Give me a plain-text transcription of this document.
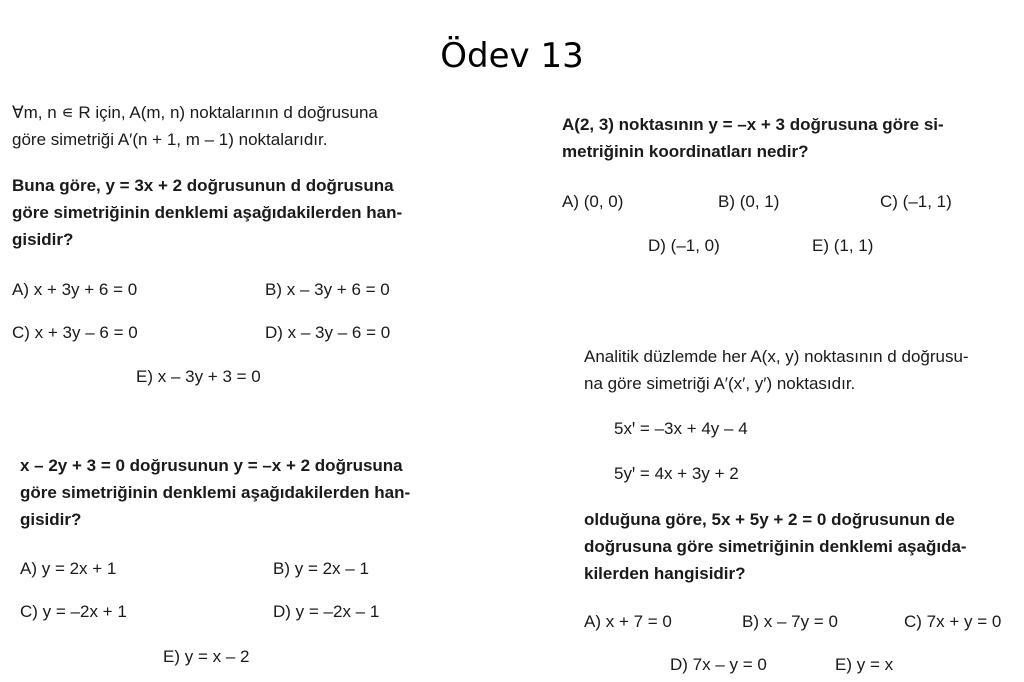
Ödev 13
∀m, n ∊ R için, A(m, n) noktalarının d doğrusuna
göre simetriği A′(n + 1, m – 1) noktalarıdır.
Buna göre, y = 3x + 2 doğrusunun d doğrusuna
göre simetriğinin denklemi aşağıdakilerden han-
gisidir?
A) x + 3y + 6 = 0	B) x – 3y + 6 = 0
C) x + 3y – 6 = 0	D) x – 3y – 6 = 0
E) x – 3y + 3 = 0
x – 2y + 3 = 0 doğrusunun y = –x + 2 doğrusuna
göre simetriğinin denklemi aşağıdakilerden han-
gisidir?
A) y = 2x + 1	B) y = 2x – 1
C) y = –2x + 1	D) y = –2x – 1
E) y = x – 2
A(2, 3) noktasının y = –x + 3 doğrusuna göre si-
metriğinin koordinatları nedir?
A) (0, 0)	B) (0, 1)	C) (–1, 1)
D) (–1, 0)	E) (1, 1)
Analitik düzlemde her A(x, y) noktasının d doğrusu-
na göre simetriği A′(x′, y′) noktasıdır.
5xꞌ = –3x + 4y – 4
5yꞌ = 4x + 3y + 2
olduğuna göre, 5x + 5y + 2 = 0 doğrusunun de
doğrusuna göre simetriğinin denklemi aşağıda-
kilerden hangisidir?
A) x + 7 = 0	B) x – 7y = 0	C) 7x + y = 0
D) 7x – y = 0	E) y = x
